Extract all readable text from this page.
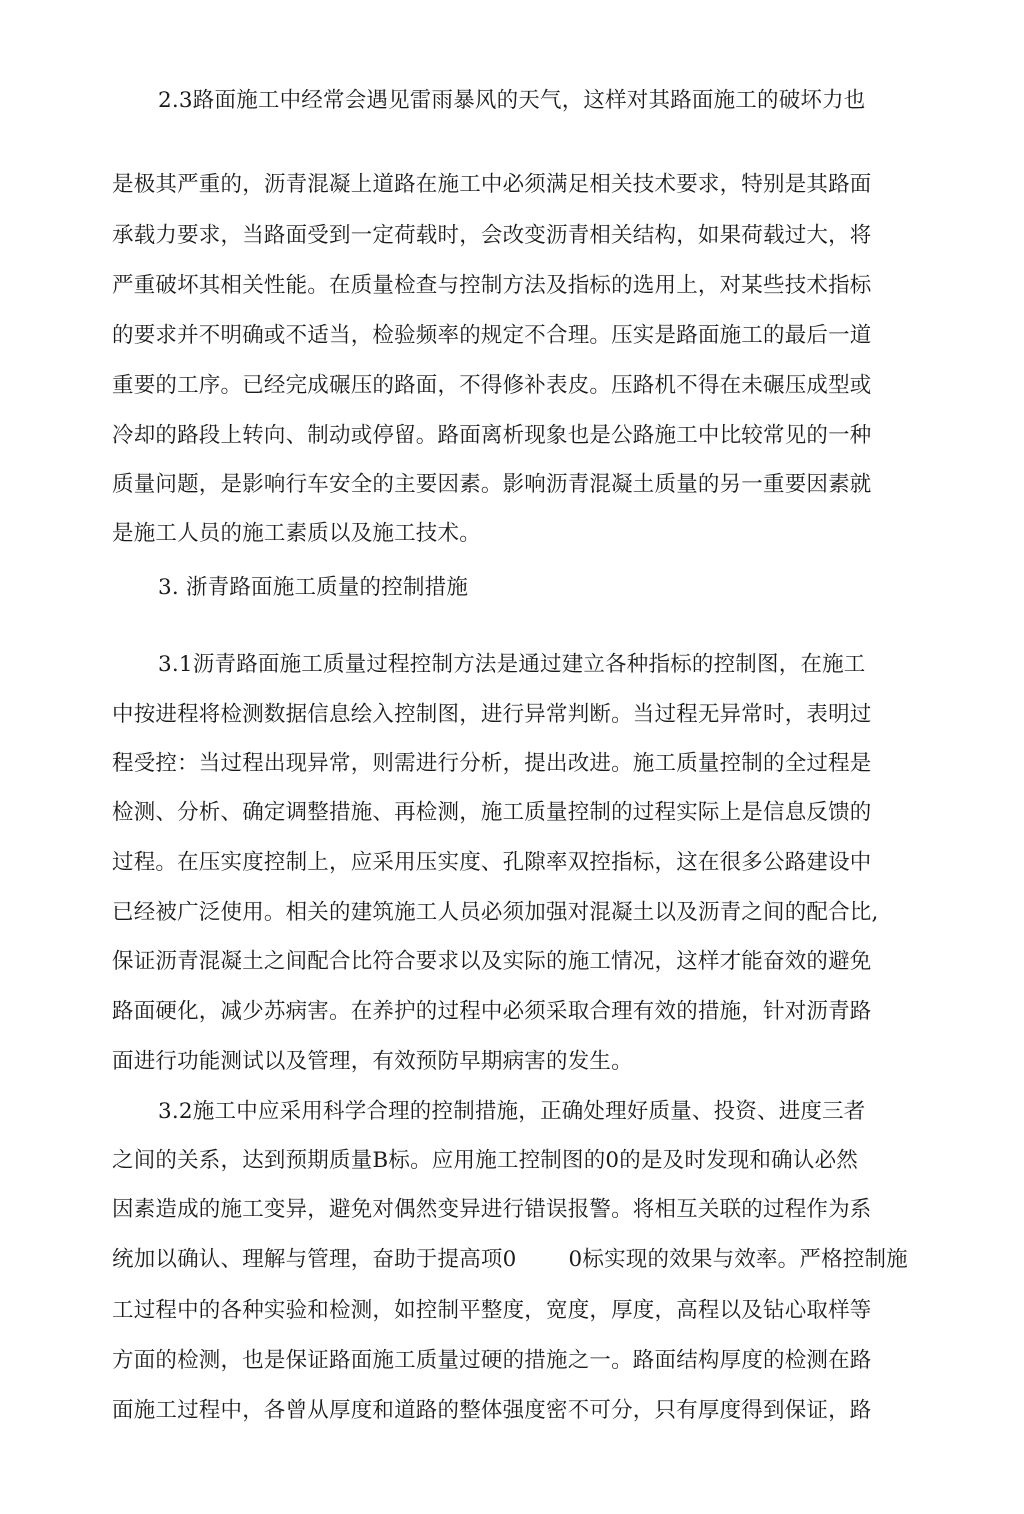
2.3路面施工中经常会遇见雷雨暴风的天气，这样对其路面施工的破坏力也
是极其严重的，沥青混凝上道路在施工中必须满足相关技术要求，特别是其路面
承载力要求，当路面受到一定荷载时，会改变沥青相关结构，如果荷载过大，将
严重破坏其相关性能。在质量检查与控制方法及指标的选用上，对某些技术指标
的要求并不明确或不适当，检验频率的规定不合理。压实是路面施工的最后一道
重要的工序。已经完成碾压的路面，不得修补表皮。压路机不得在未碾压成型或
冷却的路段上转向、制动或停留。路面离析现象也是公路施工中比较常见的一种
质量问题，是影响行车安全的主要因素。影响沥青混凝土质量的另一重要因素就
是施工人员的施工素质以及施工技术。
3. 浙青路面施工质量的控制措施
3.1沥青路面施工质量过程控制方法是通过建立各种指标的控制图，在施工
中按进程将检测数据信息绘入控制图，进行异常判断。当过程无异常时，表明过
程受控：当过程出现异常，则需进行分析，提出改进。施工质量控制的全过程是
检测、分析、确定调整措施、再检测，施工质量控制的过程实际上是信息反馈的
过程。在压实度控制上，应采用压实度、孔隙率双控指标，这在很多公路建设中
已经被广泛使用。相关的建筑施工人员必须加强对混凝土以及沥青之间的配合比,
保证沥青混凝土之间配合比符合要求以及实际的施工情况，这样才能奋效的避免
路面硬化，减少苏病害。在养护的过程中必须采取合理有效的措施，针对沥青路
面进行功能测试以及管理，有效预防早期病害的发生。
3.2施工中应采用科学合理的控制措施，正确处理好质量、投资、进度三者
之间的关系，达到预期质量B标。应用施工控制图的0的是及时发现和确认必然
因素造成的施工变异，避免对偶然变异进行错误报警。将相互关联的过程作为系
统加以确认、理解与管理，奋助于提高项0 0标实现的效果与效率。严格控制施
工过程中的各种实验和检测，如控制平整度，宽度，厚度，高程以及钻心取样等
方面的检测，也是保证路面施工质量过硬的措施之一。路面结构厚度的检测在路
面施工过程中，各曾从厚度和道路的整体强度密不可分，只有厚度得到保证，路
